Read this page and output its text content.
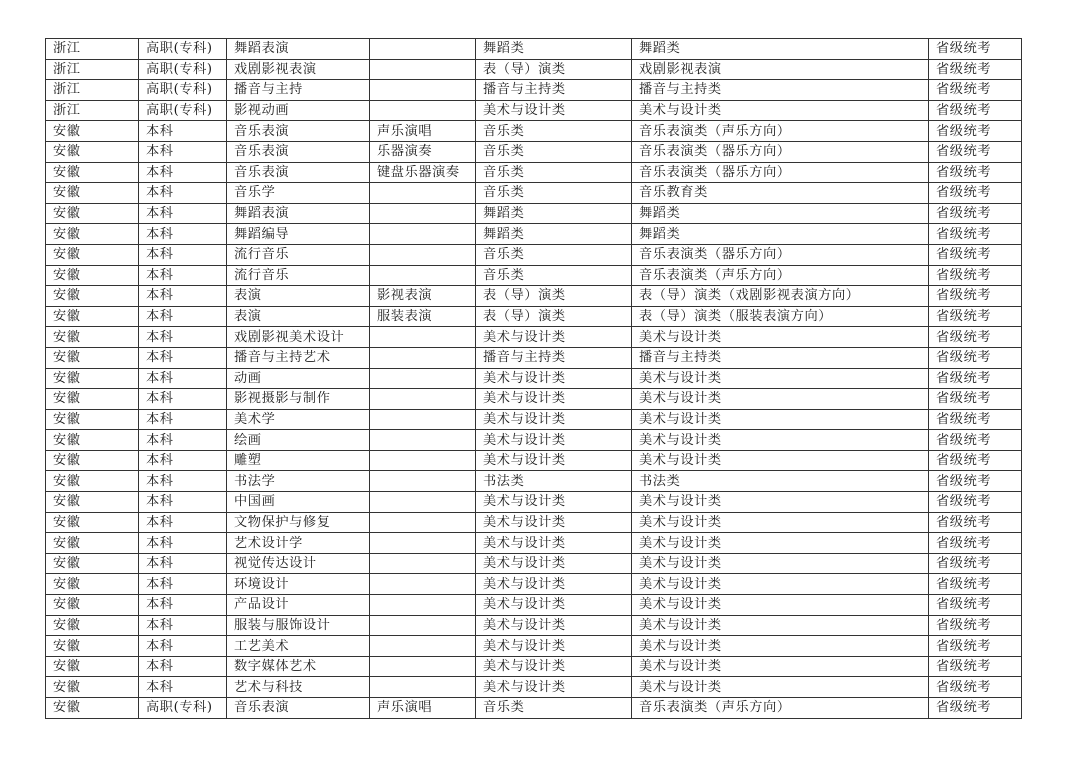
浙江	高职(专科)	舞蹈表演		舞蹈类	舞蹈类	省级统考
浙江	高职(专科)	戏剧影视表演		表（导）演类	戏剧影视表演	省级统考
浙江	高职(专科)	播音与主持		播音与主持类	播音与主持类	省级统考
浙江	高职(专科)	影视动画		美术与设计类	美术与设计类	省级统考
安徽	本科	音乐表演	声乐演唱	音乐类	音乐表演类（声乐方向）	省级统考
安徽	本科	音乐表演	乐器演奏	音乐类	音乐表演类（器乐方向）	省级统考
安徽	本科	音乐表演	键盘乐器演奏	音乐类	音乐表演类（器乐方向）	省级统考
安徽	本科	音乐学		音乐类	音乐教育类	省级统考
安徽	本科	舞蹈表演		舞蹈类	舞蹈类	省级统考
安徽	本科	舞蹈编导		舞蹈类	舞蹈类	省级统考
安徽	本科	流行音乐		音乐类	音乐表演类（器乐方向）	省级统考
安徽	本科	流行音乐		音乐类	音乐表演类（声乐方向）	省级统考
安徽	本科	表演	影视表演	表（导）演类	表（导）演类（戏剧影视表演方向）	省级统考
安徽	本科	表演	服装表演	表（导）演类	表（导）演类（服装表演方向）	省级统考
安徽	本科	戏剧影视美术设计		美术与设计类	美术与设计类	省级统考
安徽	本科	播音与主持艺术		播音与主持类	播音与主持类	省级统考
安徽	本科	动画		美术与设计类	美术与设计类	省级统考
安徽	本科	影视摄影与制作		美术与设计类	美术与设计类	省级统考
安徽	本科	美术学		美术与设计类	美术与设计类	省级统考
安徽	本科	绘画		美术与设计类	美术与设计类	省级统考
安徽	本科	雕塑		美术与设计类	美术与设计类	省级统考
安徽	本科	书法学		书法类	书法类	省级统考
安徽	本科	中国画		美术与设计类	美术与设计类	省级统考
安徽	本科	文物保护与修复		美术与设计类	美术与设计类	省级统考
安徽	本科	艺术设计学		美术与设计类	美术与设计类	省级统考
安徽	本科	视觉传达设计		美术与设计类	美术与设计类	省级统考
安徽	本科	环境设计		美术与设计类	美术与设计类	省级统考
安徽	本科	产品设计		美术与设计类	美术与设计类	省级统考
安徽	本科	服装与服饰设计		美术与设计类	美术与设计类	省级统考
安徽	本科	工艺美术		美术与设计类	美术与设计类	省级统考
安徽	本科	数字媒体艺术		美术与设计类	美术与设计类	省级统考
安徽	本科	艺术与科技		美术与设计类	美术与设计类	省级统考
安徽	高职(专科)	音乐表演	声乐演唱	音乐类	音乐表演类（声乐方向）	省级统考
